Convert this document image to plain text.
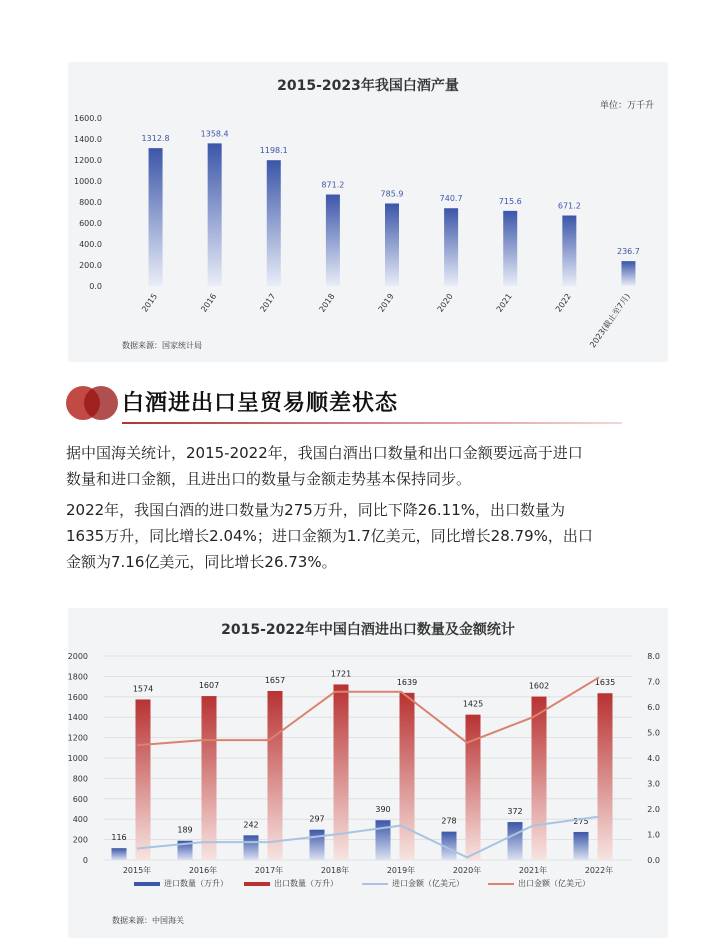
2015-2023年我国白酒产量
单位：万千升
0.0
200.0
400.0
600.0
800.0
1000.0
1200.0
1400.0
1600.0
1312.8
2015
1358.4
2016
1198.1
2017
871.2
2018
785.9
2019
740.7
2020
715.6
2021
671.2
2022
236.7
2023(截止至7月)
数据来源：国家统计局
白酒进出口呈贸易顺差状态
据中国海关统计，2015-2022年，我国白酒出口数量和出口金额要远高于进口
数量和进口金额，且进出口的数量与金额走势基本保持同步。
2022年，我国白酒的进口数量为275万升，同比下降26.11%，出口数量为
1635万升，同比增长2.04%；进口金额为1.7亿美元，同比增长28.79%，出口
金额为7.16亿美元，同比增长26.73%。
2015-2022年中国白酒进出口数量及金额统计
0
200
400
600
800
1000
1200
1400
1600
1800
2000
0.0
1.0
2.0
3.0
4.0
5.0
6.0
7.0
8.0
116
1574
2015年
189
1607
2016年
242
1657
2017年
297
1721
2018年
390
1639
2019年
278
1425
2020年
372
1602
2021年
275
1635
2022年
进口数量（万升）	出口数量（万升）	进口金额（亿美元）	出口金额（亿美元）
数据来源：中国海关
